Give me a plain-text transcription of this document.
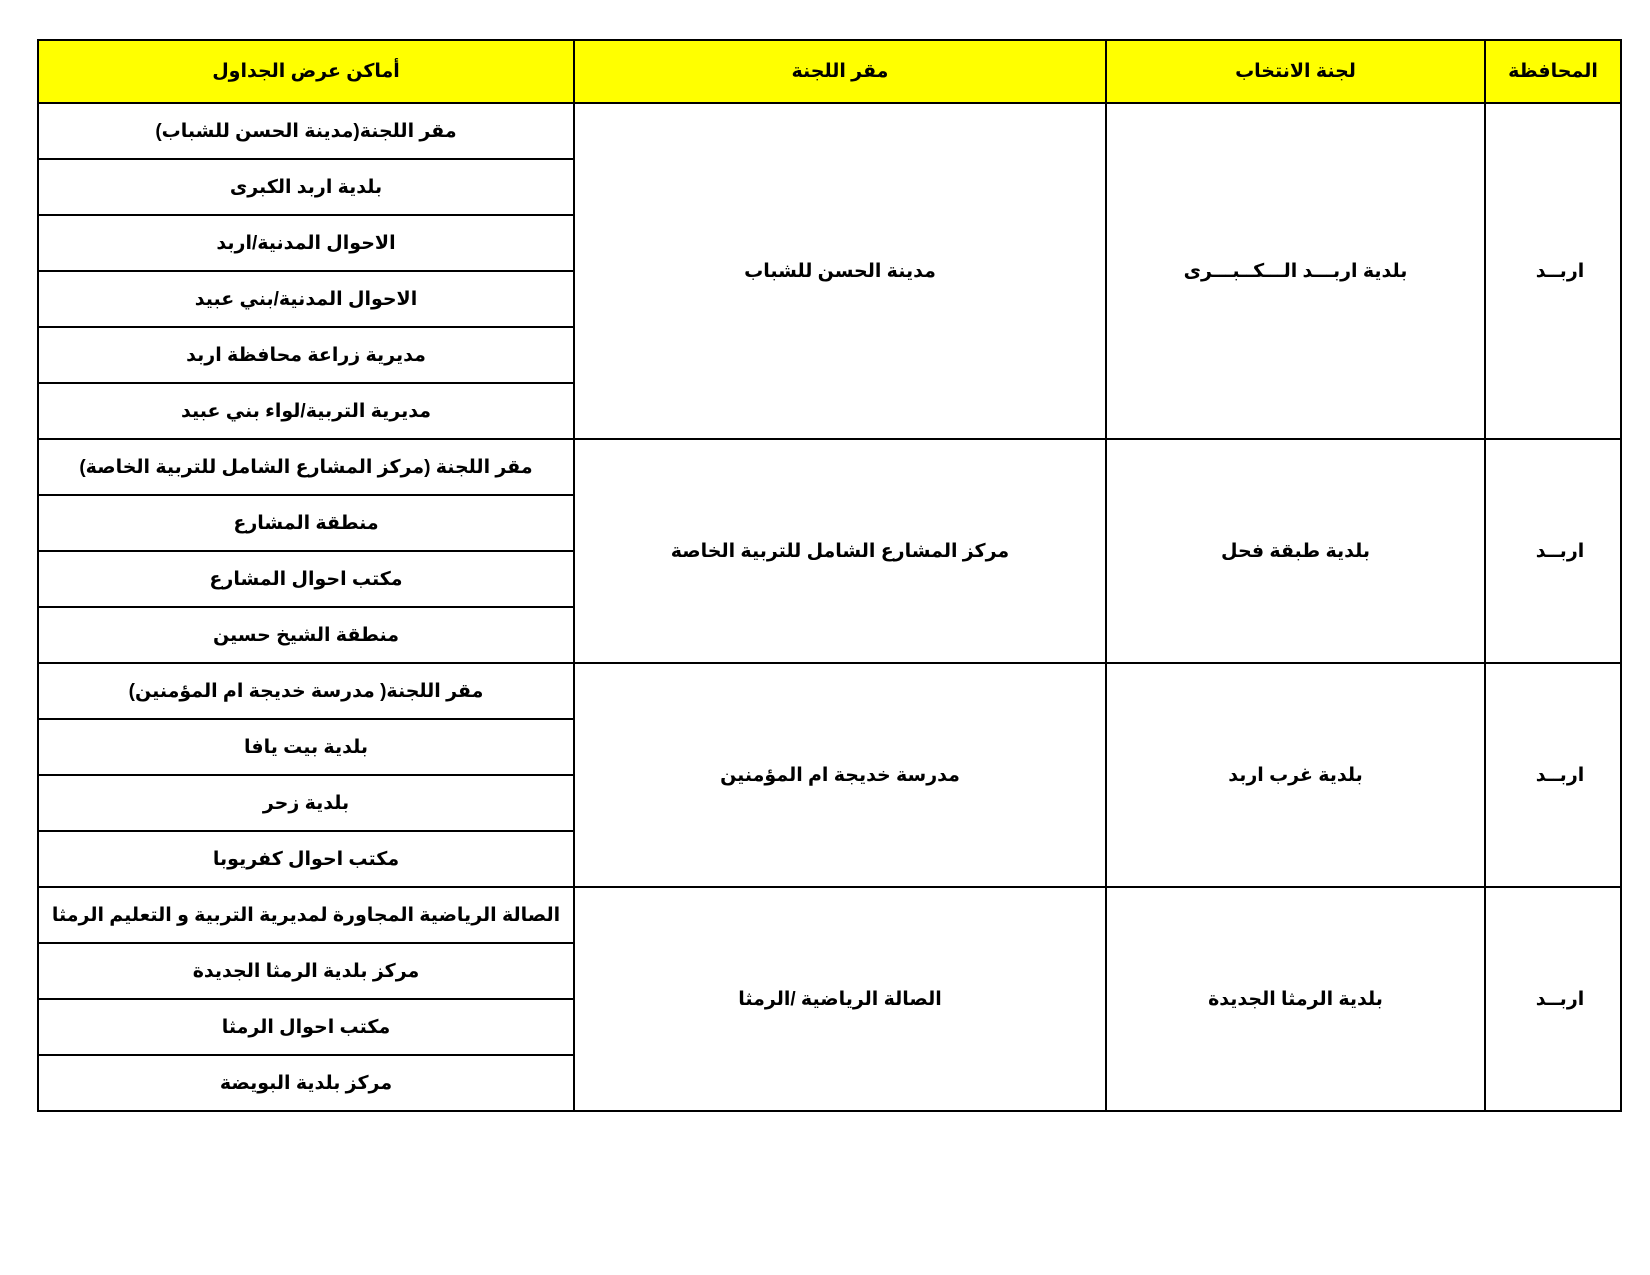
المحافظة	لجنة الانتخاب	مقر اللجنة	أماكن عرض الجداول
اربــد	بلدية اربـــد الـــكــبـــرى	مدينة الحسن للشباب	مقر اللجنة(مدينة الحسن للشباب)
			بلدية اربد الكبرى
			الاحوال المدنية/اربد
			الاحوال المدنية/بني عبيد
			مديرية زراعة محافظة اربد
			مديرية التربية/لواء بني عبيد
اربــد	بلدية طبقة فحل	مركز المشارع الشامل للتربية الخاصة	مقر اللجنة (مركز المشارع الشامل للتربية الخاصة)
			منطقة المشارع
			مكتب احوال المشارع
			منطقة الشيخ حسين
اربــد	بلدية غرب اربد	مدرسة خديجة ام المؤمنين	مقر اللجنة( مدرسة خديجة ام المؤمنين)
			بلدية بيت يافا
			بلدية زحر
			مكتب احوال كفريوبا
اربــد	بلدية الرمثا الجديدة	الصالة الرياضية /الرمثا	الصالة الرياضية المجاورة لمديرية التربية و التعليم الرمثا
			مركز بلدية الرمثا الجديدة
			مكتب احوال الرمثا
			مركز بلدية البويضة
